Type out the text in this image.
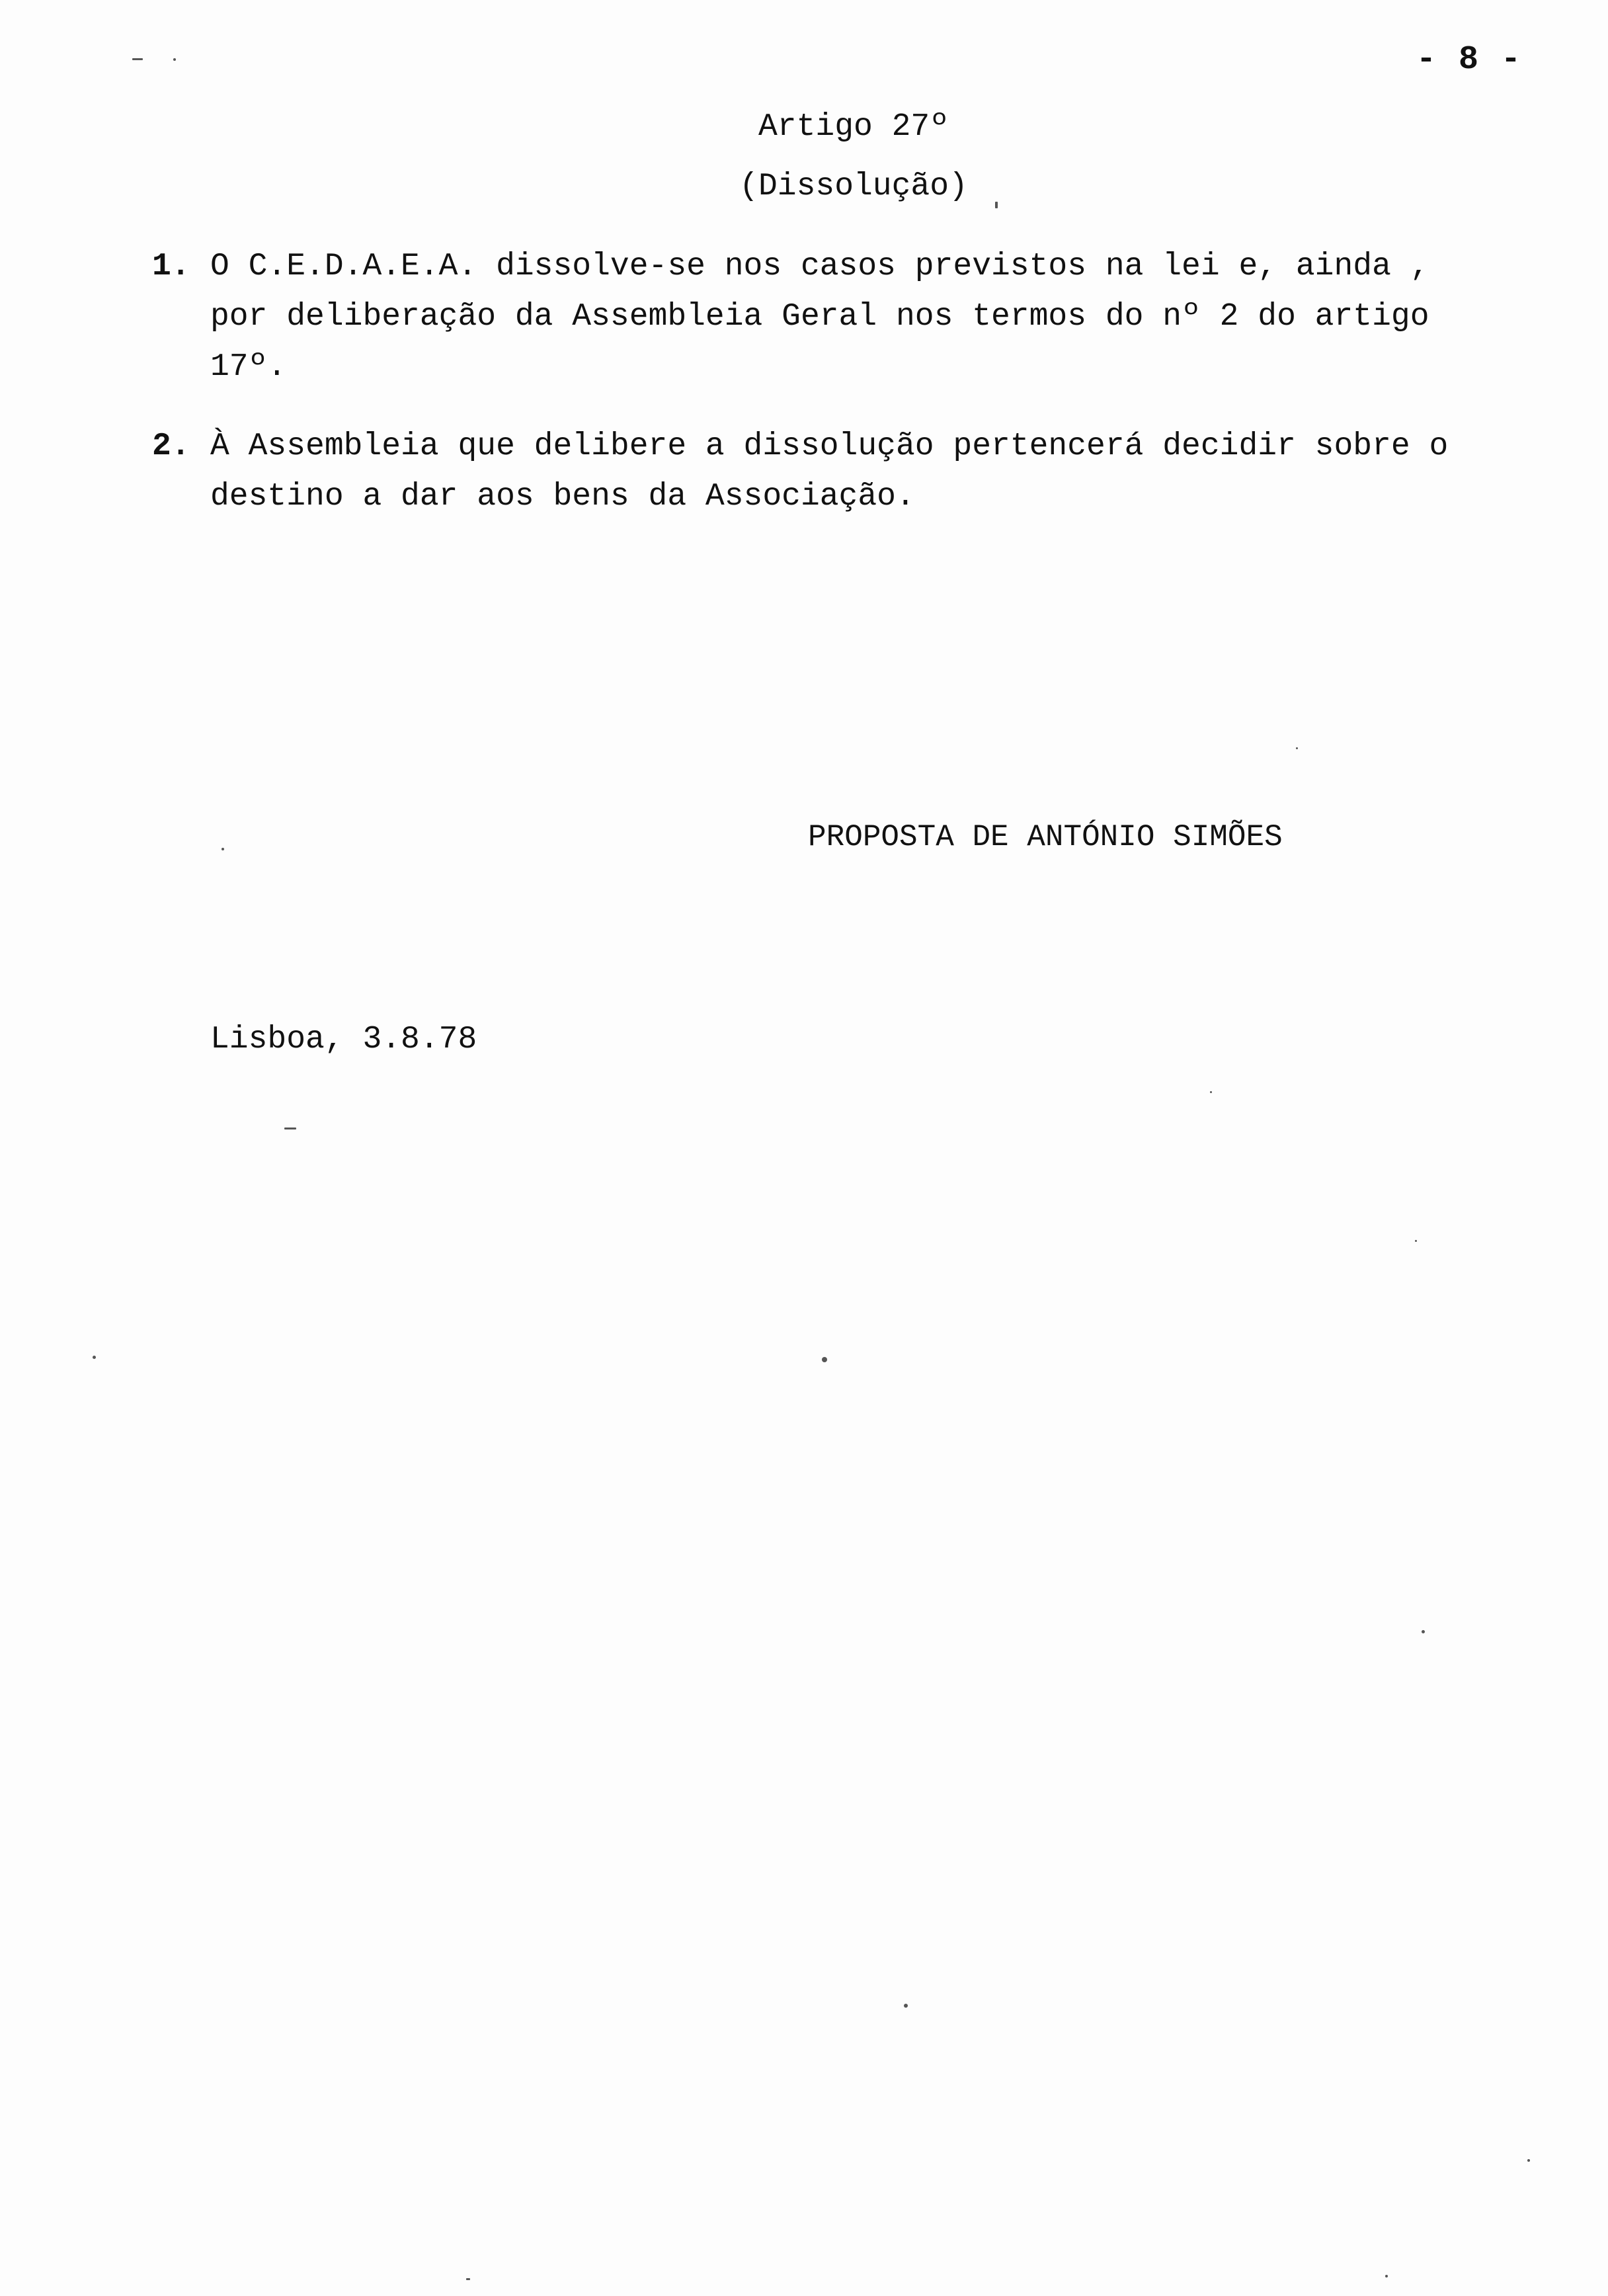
- 8 -
Artigo 27º
(Dissolução)
1. O C.E.D.A.E.A. dissolve-se nos casos previstos na lei e, ainda ,
por deliberação da Assembleia Geral nos termos do nº 2 do artigo
17º.
2. À Assembleia que delibere a dissolução pertencerá decidir sobre o
destino a dar aos bens da Associação.
PROPOSTA DE ANTÓNIO SIMÕES
Lisboa, 3.8.78
